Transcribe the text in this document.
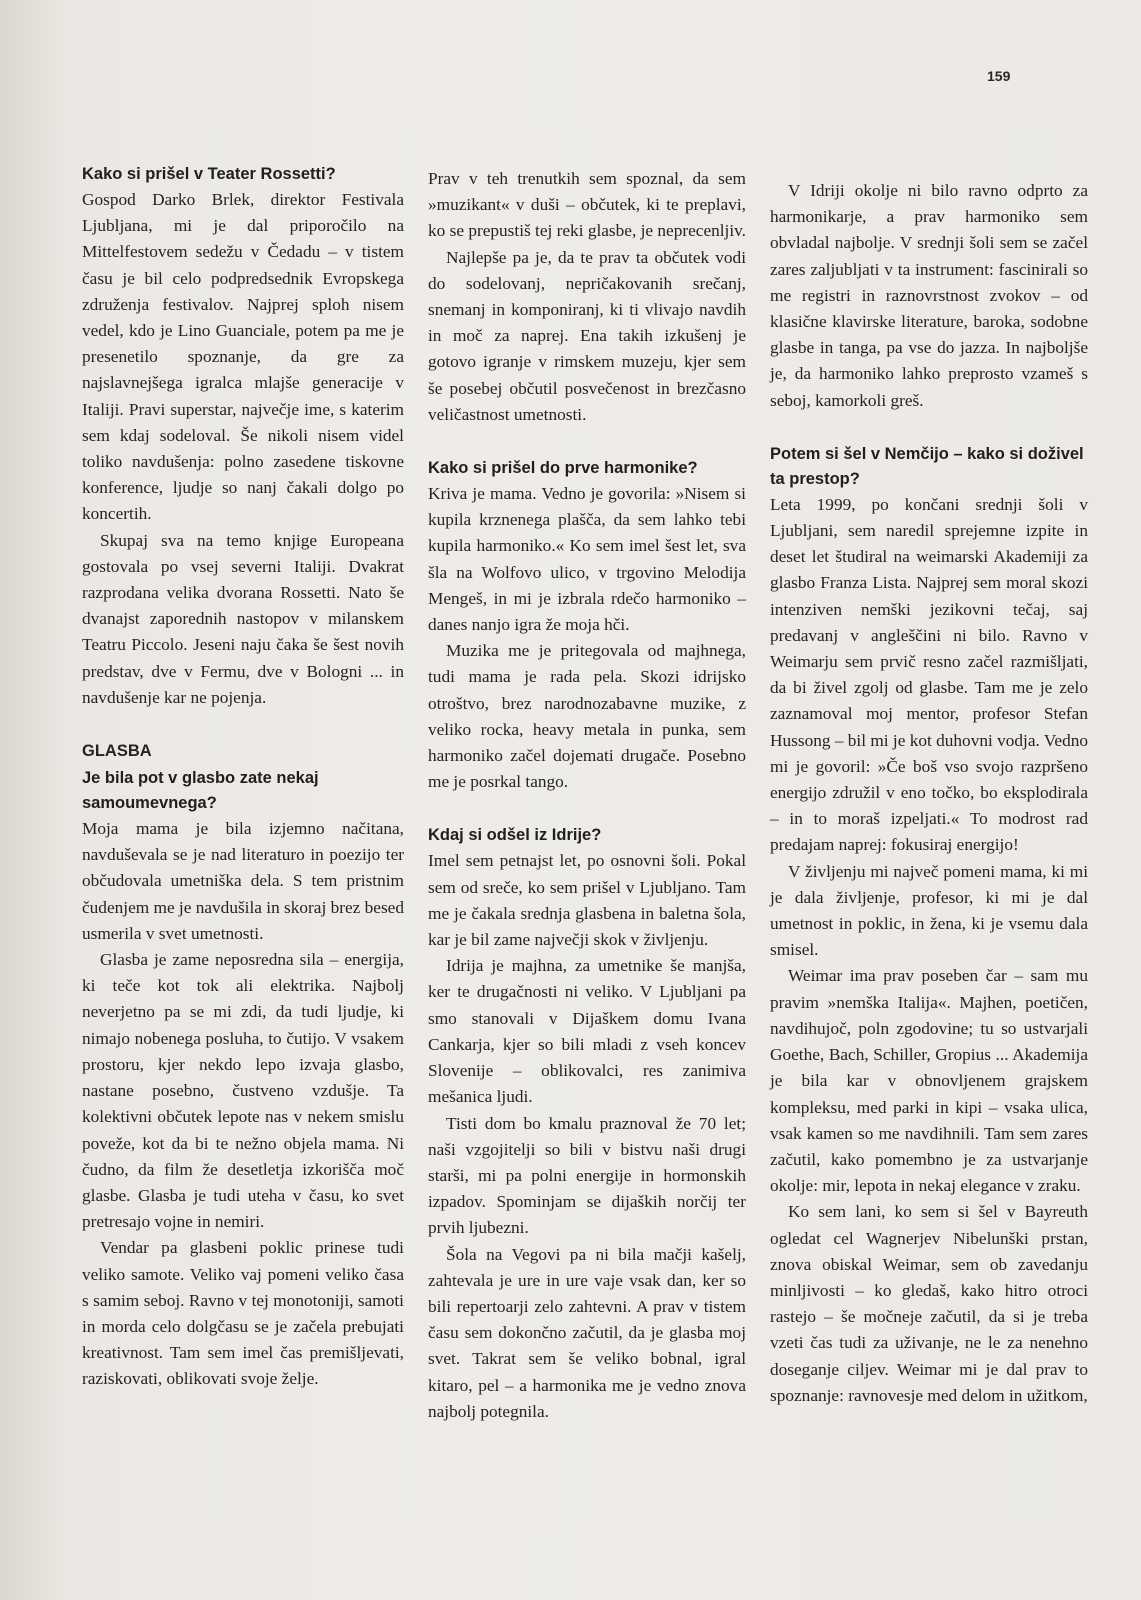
159
Kako si prišel v Teater Rossetti?

Gospod Darko Brlek, direktor Festivala Ljubljana, mi je dal priporočilo na Mittelfestovem sedežu v Čedadu – v tistem času je bil celo podpredsednik Evropskega združenja festivalov. Najprej sploh nisem vedel, kdo je Lino Guanciale, potem pa me je presenetilo spoznanje, da gre za najslavnejšega igralca mlajše generacije v Italiji. Pravi superstar, največje ime, s katerim sem kdaj sodeloval. Še nikoli nisem videl toliko navdušenja: polno zasedene tiskovne konference, ljudje so nanj čakali dolgo po koncertih.

Skupaj sva na temo knjige Europeana gostovala po vsej severni Italiji. Dvakrat razprodana velika dvorana Rossetti. Nato še dvanajst zaporednih nastopov v milanskem Teatru Piccolo. Jeseni naju čaka še šest novih predstav, dve v Fermu, dve v Bologni ... in navdušenje kar ne pojenja.

GLASBA
Je bila pot v glasbo zate nekaj samoumevnega?

Moja mama je bila izjemno načitana, navduševala se je nad literaturo in poezijo ter občudovala umetniška dela. S tem pristnim čudenjem me je navdušila in skoraj brez besed usmerila v svet umetnosti.

Glasba je zame neposredna sila – energija, ki teče kot tok ali elektrika. Najbolj neverjetno pa se mi zdi, da tudi ljudje, ki nimajo nobenega posluha, to čutijo. V vsakem prostoru, kjer nekdo lepo izvaja glasbo, nastane posebno, čustveno vzdušje. Ta kolektivni občutek lepote nas v nekem smislu poveže, kot da bi te nežno objela mama. Ni čudno, da film že desetletja izkorišča moč glasbe. Glasba je tudi uteha v času, ko svet pretresajo vojne in nemiri.

Vendar pa glasbeni poklic prinese tudi veliko samote. Veliko vaj pomeni veliko časa s samim seboj. Ravno v tej monotoniji, samoti in morda celo dolgčasu se je začela prebujati kreativnost. Tam sem imel čas premišljevati, raziskovati, oblikovati svoje želje.

Prav v teh trenutkih sem spoznal, da sem »muzikant« v duši – občutek, ki te preplavi, ko se prepustiš tej reki glasbe, je neprecenljiv.

Najlepše pa je, da te prav ta občutek vodi do sodelovanj, nepričakovanih srečanj, snemanj in komponiranj, ki ti vlivajo navdih in moč za naprej. Ena takih izkušenj je gotovo igranje v rimskem muzeju, kjer sem še posebej občutil posvečenost in brezčasno veličastnost umetnosti.

Kako si prišel do prve harmonike?

Kriva je mama. Vedno je govorila: »Nisem si kupila krznenega plašča, da sem lahko tebi kupila harmoniko.« Ko sem imel šest let, sva šla na Wolfovo ulico, v trgovino Melodija Mengeš, in mi je izbrala rdečo harmoniko – danes nanjo igra že moja hči.

Muzika me je pritegovala od majhnega, tudi mama je rada pela. Skozi idrijsko otroštvo, brez narodnozabavne muzike, z veliko rocka, heavy metala in punka, sem harmoniko začel dojemati drugače. Posebno me je posrkal tango.

Kdaj si odšel iz Idrije?

Imel sem petnajst let, po osnovni šoli. Pokal sem od sreče, ko sem prišel v Ljubljano. Tam me je čakala srednja glasbena in baletna šola, kar je bil zame največji skok v življenju.

Idrija je majhna, za umetnike še manjša, ker te drugačnosti ni veliko. V Ljubljani pa smo stanovali v Dijaškem domu Ivana Cankarja, kjer so bili mladi z vseh koncev Slovenije – oblikovalci, res zanimiva mešanica ljudi.

Tisti dom bo kmalu praznoval že 70 let; naši vzgojitelji so bili v bistvu naši drugi starši, mi pa polni energije in hormonskih izpadov. Spominjam se dijaških norčij ter prvih ljubezni.

Šola na Vegovi pa ni bila mačji kašelj, zahtevala je ure in ure vaje vsak dan, ker so bili repertoarji zelo zahtevni. A prav v tistem času sem dokončno začutil, da je glasba moj svet. Takrat sem še veliko bobnal, igral kitaro, pel – a harmonika me je vedno znova najbolj potegnila.

V Idriji okolje ni bilo ravno odprto za harmonikarje, a prav harmoniko sem obvladal najbolje. V srednji šoli sem se začel zares zaljubljati v ta instrument: fascinirali so me registri in raznovrstnost zvokov – od klasične klavirske literature, baroka, sodobne glasbe in tanga, pa vse do jazza. In najboljše je, da harmoniko lahko preprosto vzameš s seboj, kamorkoli greš.

Potem si šel v Nemčijo – kako si doživel ta prestop?

Leta 1999, po končani srednji šoli v Ljubljani, sem naredil sprejemne izpite in deset let študiral na weimarski Akademiji za glasbo Franza Lista. Najprej sem moral skozi intenziven nemški jezikovni tečaj, saj predavanj v angleščini ni bilo. Ravno v Weimarju sem prvič resno začel razmišljati, da bi živel zgolj od glasbe. Tam me je zelo zaznamoval moj mentor, profesor Stefan Hussong – bil mi je kot duhovni vodja. Vedno mi je govoril: »Če boš vso svojo razpršeno energijo združil v eno točko, bo eksplodirala – in to moraš izpeljati.« To modrost rad predajam naprej: fokusiraj energijo!

V življenju mi največ pomeni mama, ki mi je dala življenje, profesor, ki mi je dal umetnost in poklic, in žena, ki je vsemu dala smisel.

Weimar ima prav poseben čar – sam mu pravim »nemška Italija«. Majhen, poetičen, navdihujoč, poln zgodovine; tu so ustvarjali Goethe, Bach, Schiller, Gropius ... Akademija je bila kar v obnovljenem grajskem kompleksu, med parki in kipi – vsaka ulica, vsak kamen so me navdihnili. Tam sem zares začutil, kako pomembno je za ustvarjanje okolje: mir, lepota in nekaj elegance v zraku.

Ko sem lani, ko sem si šel v Bayreuth ogledat cel Wagnerjev Nibelunški prstan, znova obiskal Weimar, sem ob zavedanju minljivosti – ko gledaš, kako hitro otroci rastejo – še močneje začutil, da si je treba vzeti čas tudi za uživanje, ne le za nenehno doseganje ciljev. Weimar mi je dal prav to spoznanje: ravnovesje med delom in užitkom,
